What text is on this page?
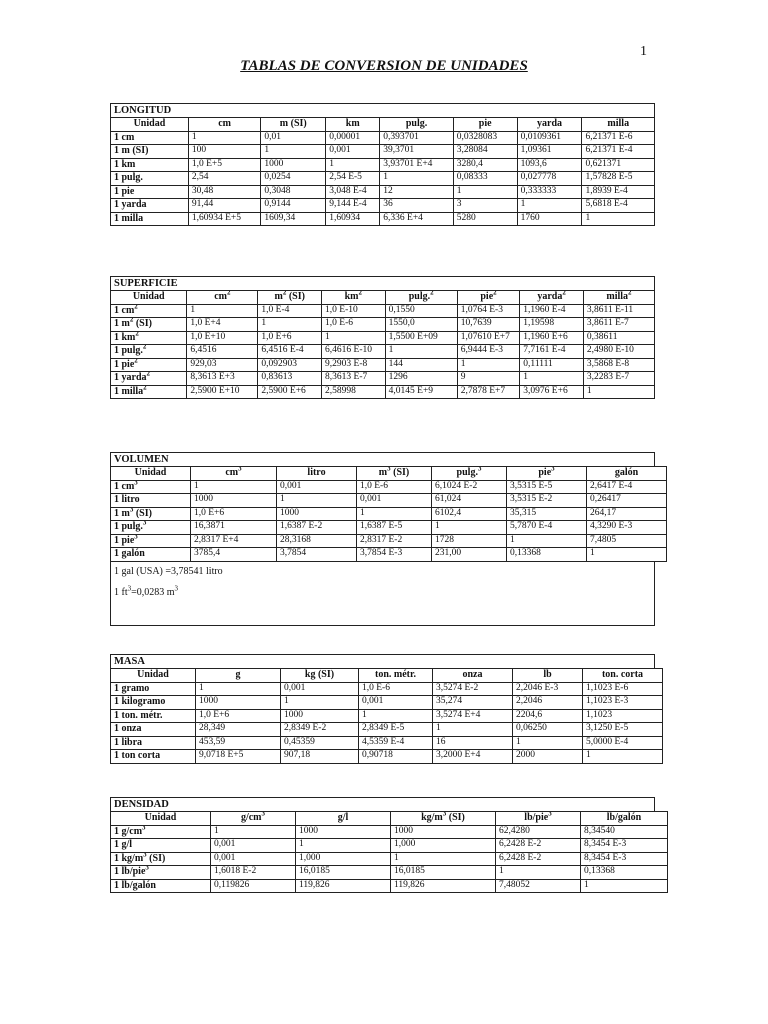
1
TABLAS DE CONVERSION DE UNIDADES
LONGITUD
Unidad	cm	m (SI)	km	pulg.	pie	yarda	milla
1 cm	1	0,01	0,00001	0,393701	0,0328083	0,0109361	6,21371 E-6
1 m (SI)	100	1	0,001	39,3701	3,28084	1,09361	6,21371 E-4
1 km	1,0 E+5	1000	1	3,93701 E+4	3280,4	1093,6	0,621371
1 pulg.	2,54	0,0254	2,54 E-5	1	0,08333	0,027778	1,57828 E-5
1 pie	30,48	0,3048	3,048 E-4	12	1	0,333333	1,8939 E-4
1 yarda	91,44	0,9144	9,144 E-4	36	3	1	5,6818 E-4
1 milla	1,60934 E+5	1609,34	1,60934	6,336 E+4	5280	1760	1
SUPERFICIE
Unidad	$cm^2$	$m^2$ (SI)	$km^2$	pulg.$^2$	pie$^2$	yarda$^2$	milla$^2$
1 $cm^2$	1	1,0 E-4	1,0 E-10	0,1550	1,0764 E-3	1,1960 E-4	3,8611 E-11
1 $m^2$ (SI)	1,0 E+4	1	1,0 E-6	1550,0	10,7639	1,19598	3,8611 E-7
1 $km^2$	1,0 E+10	1,0 E+6	1	1,5500 E+09	1,07610 E+7	1,1960 E+6	0,38611
1 pulg.$^2$	6,4516	6,4516 E-4	6,4616 E-10	1	6,9444 E-3	7,7161 E-4	2,4980 E-10
1 pie$^2$	929,03	0,092903	9,2903 E-8	144	1	0,11111	3,5868 E-8
1 yarda$^2$	8,3613 E+3	0,83613	8,3613 E-7	1296	9	1	3,2283 E-7
1 milla$^2$	2,5900 E+10	2,5900 E+6	2,58998	4,0145 E+9	2,7878 E+7	3,0976 E+6	1
VOLUMEN
Unidad	$cm^3$	litro	$m^3$ (SI)	pulg.$^3$	pie$^3$	galón
1 $cm^3$	1	0,001	1,0 E-6	6,1024 E-2	3,5315 E-5	2,6417 E-4
1 litro	1000	1	0,001	61,024	3,5315 E-2	0,26417
1 $m^3$ (SI)	1,0 E+6	1000	1	6102,4	35,315	264,17
1 pulg.$^3$	16,3871	1,6387 E-2	1,6387 E-5	1	5,7870 E-4	4,3290 E-3
1 pie$^3$	2,8317 E+4	28,3168	2,8317 E-2	1728	1	7,4805
1 galón	3785,4	3,7854	3,7854 E-3	231,00	0,13368	1
1 gal (USA) =3,78541 litro
1 $ft^3=0,0283$ $m^3$
MASA
Unidad	g	kg (SI)	ton. métr.	onza	lb	ton. corta
1 gramo	1	0,001	1,0 E-6	3,5274 E-2	2,2046 E-3	1,1023 E-6
1 kilogramo	1000	1	0,001	35,274	2,2046	1,1023 E-3
1 ton. métr.	1,0 E+6	1000	1	3,5274 E+4	2204,6	1,1023
1 onza	28,349	2,8349 E-2	2,8349 E-5	1	0,06250	3,1250 E-5
1 libra	453,59	0,45359	4,5359 E-4	16	1	5,0000 E-4
1 ton corta	9,0718 E+5	907,18	0,90718	3,2000 E+4	2000	1
DENSIDAD
Unidad	$g/cm^3$	g/l	$kg/m^3$ (SI)	lb/pie$^3$	lb/galón
1 $g/cm^3$	1	1000	1000	62,4280	8,34540
1 g/l	0,001	1	1,000	6,2428 E-2	8,3454 E-3
1 $kg/m^3$ (SI)	0,001	1,000	1	6,2428 E-2	8,3454 E-3
1 lb/pie$^3$	1,6018 E-2	16,0185	16,0185	1	0,13368
1 lb/galón	0,119826	119,826	119,826	7,48052	1
